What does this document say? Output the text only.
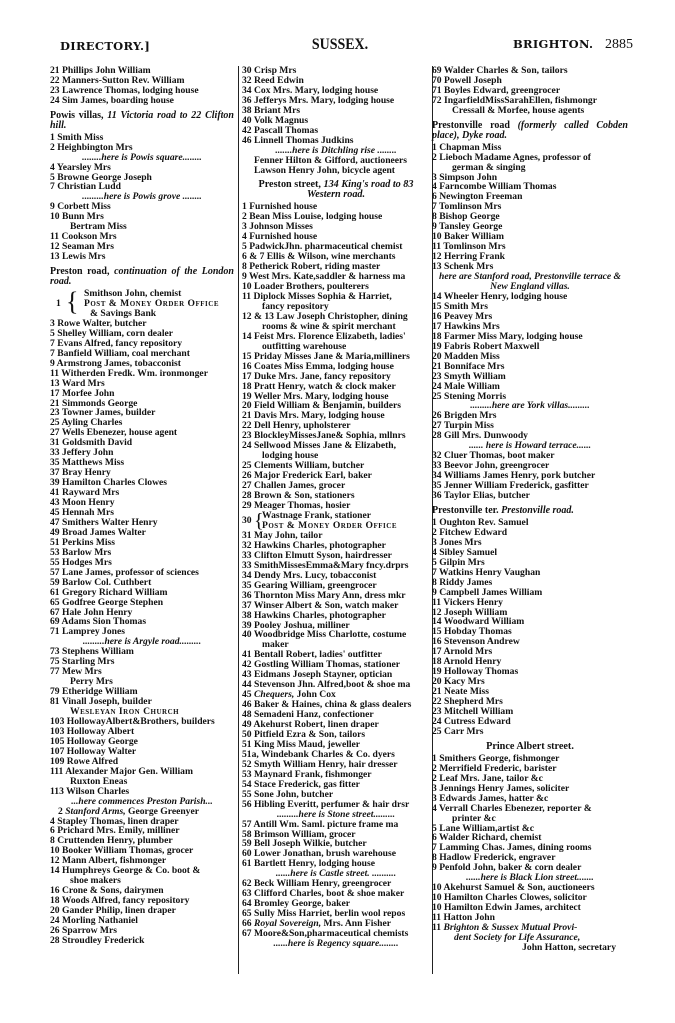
DIRECTORY.]	SUSSEX.	BRIGHTON. 2885
21 Phillips John William
22 Manners-Sutton Rev. William
23 Lawrence Thomas, lodging house
24 Sim James, boarding house
Powis villas, 11 Victoria road to 22 Clifton hill.
1 Smith Miss
2 Heighbington Mrs
........here is Powis square........
4 Yearsley Mrs
5 Browne George Joseph
7 Christian Ludd
.........here is Powis grove ........
9 Corbett Miss
10 Bunn Mrs
Bertram Miss
11 Cookson Mrs
12 Seaman Mrs
13 Lewis Mrs
Preston road, continuation of the London road.
1 { Smithson John, chemist
Post & Money Order Office
& Savings Bank
3 Rowe Walter, butcher
5 Shelley William, corn dealer
7 Evans Alfred, fancy repository
7 Banfield William, coal merchant
9 Armstrong James, tobacconist
11 Witherden Fredk. Wm. ironmonger
13 Ward Mrs
17 Morfee John
21 Simmonds George
23 Towner James, builder
25 Ayling Charles
27 Wells Ebenezer, house agent
31 Goldsmith David
33 Jeffery John
35 Matthews Miss
37 Bray Henry
39 Hamilton Charles Clowes
41 Rayward Mrs
43 Moon Henry
45 Hennah Mrs
47 Smithers Walter Henry
49 Broad James Walter
51 Perkins Miss
53 Barlow Mrs
55 Hodges Mrs
57 Lane James, professor of sciences
59 Barlow Col. Cuthbert
61 Gregory Richard William
65 Godfree George Stephen
67 Hale John Henry
69 Adams Sion Thomas
71 Lamprey Jones
.........here is Argyle road.........
73 Stephens William
75 Starling Mrs
77 Mew Mrs
Perry Mrs
79 Etheridge William
81 Vinall Joseph, builder
Wesleyan Iron Church
103 HollowayAlbert&Brothers, builders
103 Holloway Albert
105 Holloway George
107 Holloway Walter
109 Rowe Alfred
111 Alexander Major Gen. William
Ruxton Eneas
113 Wilson Charles
...here commences Preston Parish...
2 Stanford Arms, George Greenyer
4 Stapley Thomas, linen draper
6 Prichard Mrs. Emily, milliner
8 Cruttenden Henry, plumber
10 Booker William Thomas, grocer
12 Mann Albert, fishmonger
14 Humphreys George & Co. boot &
shoe makers
16 Crone & Sons, dairymen
18 Woods Alfred, fancy repository
20 Gander Philip, linen draper
24 Morling Nathaniel
26 Sparrow Mrs
28 Stroudley Frederick
30 Crisp Mrs
32 Reed Edwin
34 Cox Mrs. Mary, lodging house
36 Jefferys Mrs. Mary, lodging house
38 Briant Mrs
40 Volk Magnus
42 Pascall Thomas
46 Linnell Thomas Judkins
.......here is Ditchling rise ........
Fenner Hilton & Gifford, auctioneers
Lawson Henry John, bicycle agent
Preston street, 134 King's road to 83 Western road.
1 Furnished house
2 Bean Miss Louise, lodging house
3 Johnson Misses
4 Furnished house
5 PadwickJhn. pharmaceutical chemist
6 & 7 Ellis & Wilson, wine merchants
8 Petherick Robert, riding master
9 West Mrs. Kate,saddler & harness ma
10 Loader Brothers, poulterers
11 Diplock Misses Sophia & Harriet,
fancy repository
12 & 13 Law Joseph Christopher, dining
rooms & wine & spirit merchant
14 Feist Mrs. Florence Elizabeth, ladies'
outfitting warehouse
15 Priday Misses Jane & Maria,milliners
16 Coates Miss Emma, lodging house
17 Duke Mrs. Jane, fancy repository
18 Pratt Henry, watch & clock maker
19 Weller Mrs. Mary, lodging house
20 Field William & Benjamin, builders
21 Davis Mrs. Mary, lodging house
22 Dell Henry, upholsterer
23 BlockleyMissesJane& Sophia, mllnrs
24 Sellwood Misses Jane & Elizabeth,
lodging house
25 Clements William, butcher
26 Major Frederick Earl, baker
27 Challen James, grocer
28 Brown & Son, stationers
29 Meager Thomas, hosier
30 {
Wastnage Frank, stationer
Post & Money Order Office
31 May John, tailor
32 Hawkins Charles, photographer
33 Clifton Elmutt Syson, hairdresser
33 SmithMissesEmma&Mary fncy.drprs
34 Dendy Mrs. Lucy, tobacconist
35 Gearing William, greengrocer
36 Thornton Miss Mary Ann, dress mkr
37 Winser Albert & Son, watch maker
38 Hawkins Charles, photographer
39 Pooley Joshua, milliner
40 Woodbridge Miss Charlotte, costume
maker
41 Bentall Robert, ladies' outfitter
42 Gostling William Thomas, stationer
43 Eidmans Joseph Stayner, optician
44 Stevenson Jhn. Alfred,boot & shoe ma
45 Chequers, John Cox
46 Baker & Haines, china & glass dealers
48 Semadeni Hanz, confectioner
49 Akehurst Robert, linen draper
50 Pitfield Ezra & Son, tailors
51 King Miss Maud, jeweller
51a, Windebank Charles & Co. dyers
52 Smyth William Henry, hair dresser
53 Maynard Frank, fishmonger
54 Stace Frederick, gas fitter
55 Sone John, butcher
56 Hibling Everitt, perfumer & hair drsr
.........here is Stone street.........
57 Antill Wm. Saml. picture frame ma
58 Brimson William, grocer
59 Bell Joseph Wilkie, butcher
60 Lower Jonathan, brush warehouse
61 Bartlett Henry, lodging house
......here is Castle street. ..........
62 Beck William Henry, greengrocer
63 Clifford Charles, boot & shoe maker
64 Bromley George, baker
65 Sully Miss Harriet, berlin wool repos
66 Royal Sovereign, Mrs. Ann Fisher
67 Moore&Son,pharmaceutical chemists
......here is Regency square........
69 Walder Charles & Son, tailors
70 Powell Joseph
71 Boyles Edward, greengrocer
72 IngarfieldMissSarahEllen, fishmongr
Cressall & Morfee, house agents
Prestonville road (formerly called Cobden place), Dyke road.
1 Chapman Miss
2 Lieboch Madame Agnes, professor of
german & singing
3 Simpson John
4 Farncombe William Thomas
6 Newington Freeman
7 Tomlinson Mrs
8 Bishop George
9 Tansley George
10 Baker William
11 Tomlinson Mrs
12 Herring Frank
13 Schenk Mrs
here are Stanford road, Prestonville terrace & New England villas.
14 Wheeler Henry, lodging house
15 Smith Mrs
16 Peavey Mrs
17 Hawkins Mrs
18 Farmer Miss Mary, lodging house
19 Fabris Robert Maxwell
20 Madden Miss
21 Bonniface Mrs
23 Smyth William
24 Male William
25 Stening Morris
.........here are York villas.........
26 Brigden Mrs
27 Turpin Miss
28 Gill Mrs. Dunwoody
...... here is Howard terrace......
32 Cluer Thomas, boot maker
33 Beevor John, greengrocer
34 Williams James Henry, pork butcher
35 Jenner William Frederick, gasfitter
36 Taylor Elias, butcher
Prestonville ter. Prestonville road.
1 Oughton Rev. Samuel
2 Fitchew Edward
3 Jones Mrs
4 Sibley Samuel
5 Gilpin Mrs
7 Watkins Henry Vaughan
8 Riddy James
9 Campbell James William
11 Vickers Henry
12 Joseph William
14 Woodward William
15 Hobday Thomas
16 Stevenson Andrew
17 Arnold Mrs
18 Arnold Henry
19 Holloway Thomas
20 Kacy Mrs
21 Neate Miss
22 Shepherd Mrs
23 Mitchell William
24 Cutress Edward
25 Carr Mrs
Prince Albert street.
1 Smithers George, fishmonger
2 Merrifield Frederic, barister
2 Leaf Mrs. Jane, tailor &c
3 Jennings Henry James, soliciter
3 Edwards James, hatter &c
4 Verrall Charles Ebenezer, reporter &
printer &c
5 Lane William,artist &c
6 Walder Richard, chemist
7 Lamming Chas. James, dining rooms
8 Hadlow Frederick, engraver
9 Penfold John, baker & corn dealer
......here is Black Lion street.......
10 Akehurst Samuel & Son, auctioneers
10 Hamilton Charles Clowes, solicitor
10 Hamilton Edwin James, architect
11 Hatton John
11 Brighton & Sussex Mutual Provi-
dent Society for Life Assurance,
John Hatton, secretary
